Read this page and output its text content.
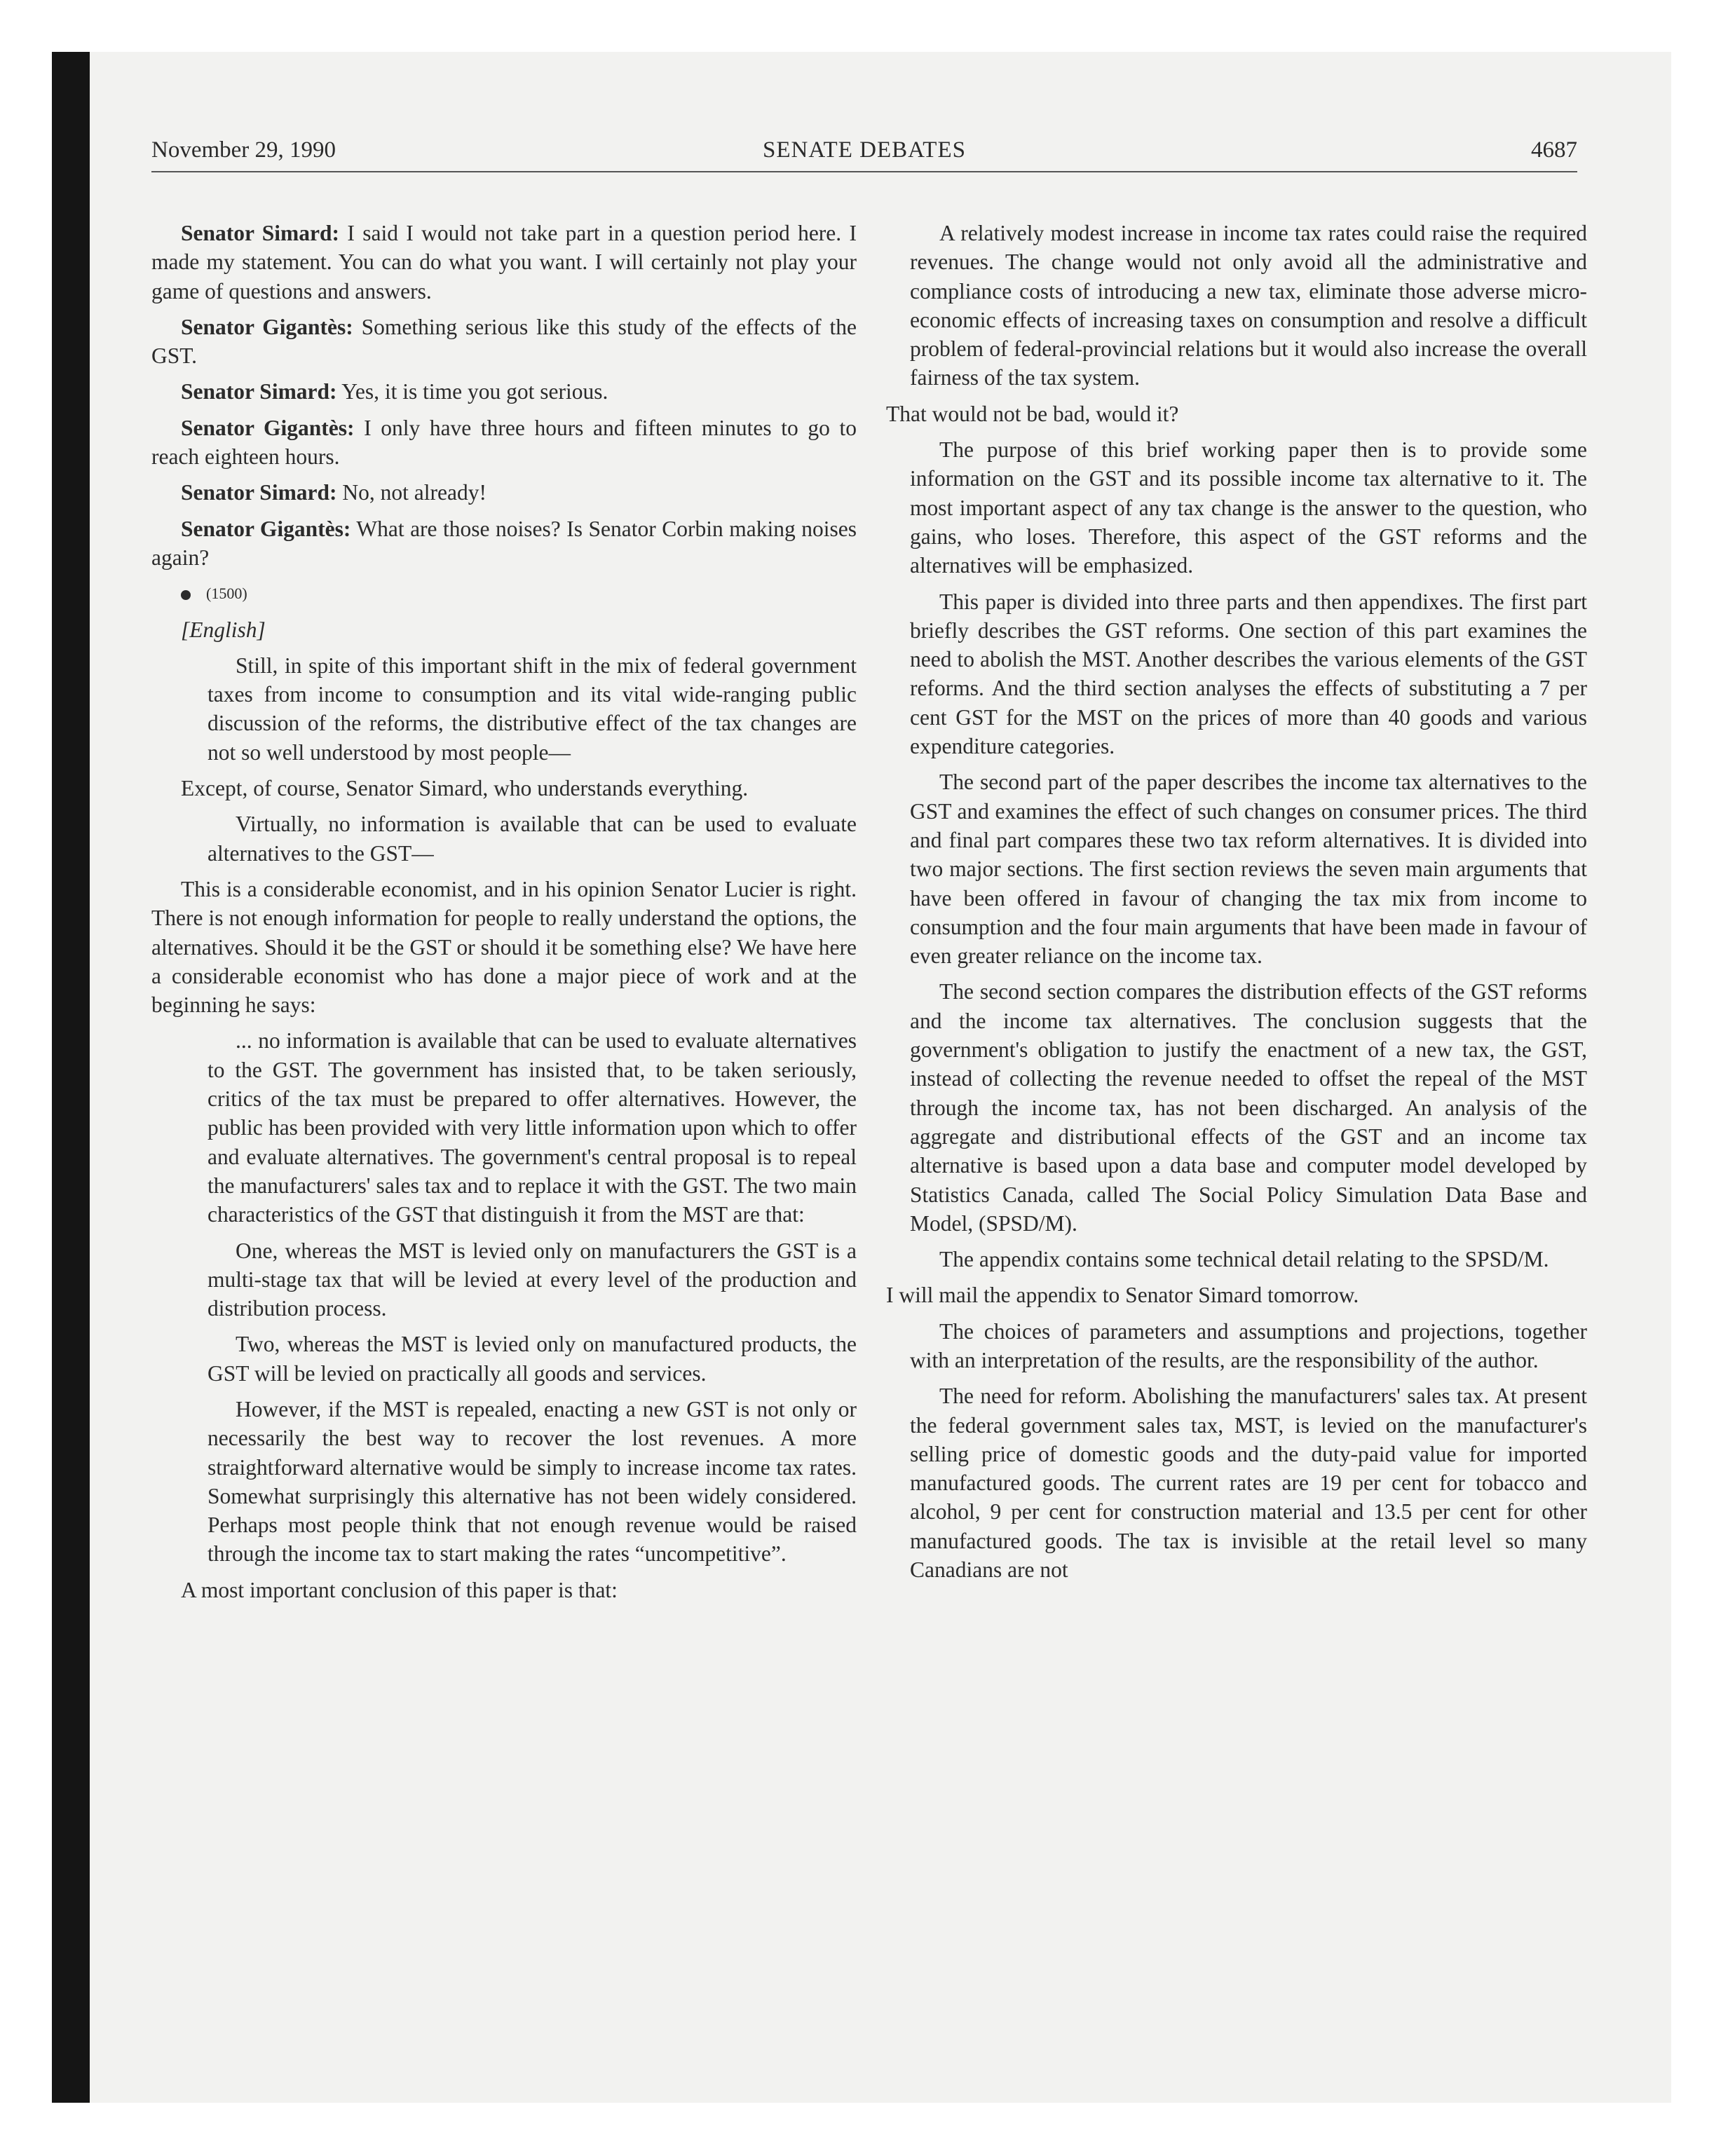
SENATE DEBATES
November 29, 1990	4687

Senator Simard: I said I would not take part in a question period here. I made my statement. You can do what you want. I will certainly not play your game of questions and answers.

Senator Gigantès: Something serious like this study of the effects of the GST.

Senator Simard: Yes, it is time you got serious.

Senator Gigantès: I only have three hours and fifteen minutes to go to reach eighteen hours.

Senator Simard: No, not already!

Senator Gigantès: What are those noises? Is Senator Corbin making noises again?

(1500)

[English]

Still, in spite of this important shift in the mix of federal government taxes from income to consumption and its vital wide-ranging public discussion of the reforms, the distributive effect of the tax changes are not so well understood by most people—

Except, of course, Senator Simard, who understands everything.

Virtually, no information is available that can be used to evaluate alternatives to the GST—

This is a considerable economist, and in his opinion Senator Lucier is right. There is not enough information for people to really understand the options, the alternatives. Should it be the GST or should it be something else? We have here a considerable economist who has done a major piece of work and at the beginning he says:

... no information is available that can be used to evaluate alternatives to the GST. The government has insisted that, to be taken seriously, critics of the tax must be prepared to offer alternatives. However, the public has been provided with very little information upon which to offer and evaluate alternatives. The government's central proposal is to repeal the manufacturers' sales tax and to replace it with the GST. The two main characteristics of the GST that distinguish it from the MST are that:

One, whereas the MST is levied only on manufacturers the GST is a multi-stage tax that will be levied at every level of the production and distribution process.

Two, whereas the MST is levied only on manufactured products, the GST will be levied on practically all goods and services.

However, if the MST is repealed, enacting a new GST is not only or necessarily the best way to recover the lost revenues. A more straightforward alternative would be simply to increase income tax rates. Somewhat surprisingly this alternative has not been widely considered. Perhaps most people think that not enough revenue would be raised through the income tax to start making the rates “uncompetitive”.

A most important conclusion of this paper is that:

A relatively modest increase in income tax rates could raise the required revenues. The change would not only avoid all the administrative and compliance costs of introducing a new tax, eliminate those adverse micro-economic effects of increasing taxes on consumption and resolve a difficult problem of federal-provincial relations but it would also increase the overall fairness of the tax system.

That would not be bad, would it?

The purpose of this brief working paper then is to provide some information on the GST and its possible income tax alternative to it. The most important aspect of any tax change is the answer to the question, who gains, who loses. Therefore, this aspect of the GST reforms and the alternatives will be emphasized.

This paper is divided into three parts and then appendixes. The first part briefly describes the GST reforms. One section of this part examines the need to abolish the MST. Another describes the various elements of the GST reforms. And the third section analyses the effects of substituting a 7 per cent GST for the MST on the prices of more than 40 goods and various expenditure categories.

The second part of the paper describes the income tax alternatives to the GST and examines the effect of such changes on consumer prices. The third and final part compares these two tax reform alternatives. It is divided into two major sections. The first section reviews the seven main arguments that have been offered in favour of changing the tax mix from income to consumption and the four main arguments that have been made in favour of even greater reliance on the income tax.

The second section compares the distribution effects of the GST reforms and the income tax alternatives. The conclusion suggests that the government's obligation to justify the enactment of a new tax, the GST, instead of collecting the revenue needed to offset the repeal of the MST through the income tax, has not been discharged. An analysis of the aggregate and distributional effects of the GST and an income tax alternative is based upon a data base and computer model developed by Statistics Canada, called The Social Policy Simulation Data Base and Model, (SPSD/M).

The appendix contains some technical detail relating to the SPSD/M.

I will mail the appendix to Senator Simard tomorrow.

The choices of parameters and assumptions and projections, together with an interpretation of the results, are the responsibility of the author.

The need for reform. Abolishing the manufacturers' sales tax. At present the federal government sales tax, MST, is levied on the manufacturer's selling price of domestic goods and the duty-paid value for imported manufactured goods. The current rates are 19 per cent for tobacco and alcohol, 9 per cent for construction material and 13.5 per cent for other manufactured goods. The tax is invisible at the retail level so many Canadians are not
